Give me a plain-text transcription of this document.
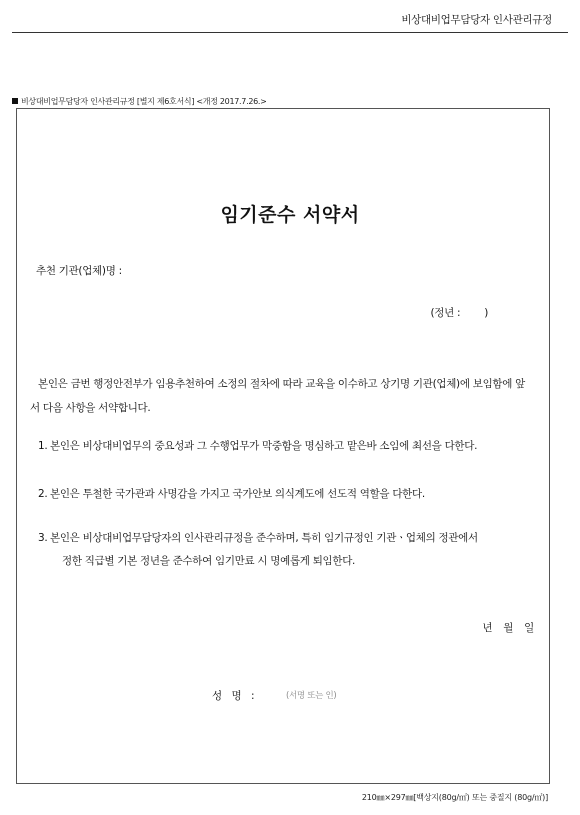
비상대비업무담당자 인사관리규정
비상대비업무담당자 인사관리규정 [별지 제6호서식] <개정 2017.7.26.>
임기준수 서약서
추천 기관(업체)명 :
(정년 : )
본인은 금번 행정안전부가 임용추천하여 소정의 절차에 따라 교육을 이수하고 상기명 기관(업체)에 보임함에 앞서 다음 사항을 서약합니다.
1. 본인은 비상대비업무의 중요성과 그 수행업무가 막중함을 명심하고 맡은바 소임에 최선을 다한다.
2. 본인은 투철한 국가관과 사명감을 가지고 국가안보 의식계도에 선도적 역할을 다한다.
3. 본인은 비상대비업무담당자의 인사관리규정을 준수하며, 특히 임기규정인 기관ㆍ업체의 정관에서
정한 직급별 기본 정년을 준수하여 임기만료 시 명예롭게 퇴임한다.
년 월 일
성 명 :	(서명 또는 인)
210㎜×297㎜[백상지(80g/㎡) 또는 중질지 (80g/㎡)]
